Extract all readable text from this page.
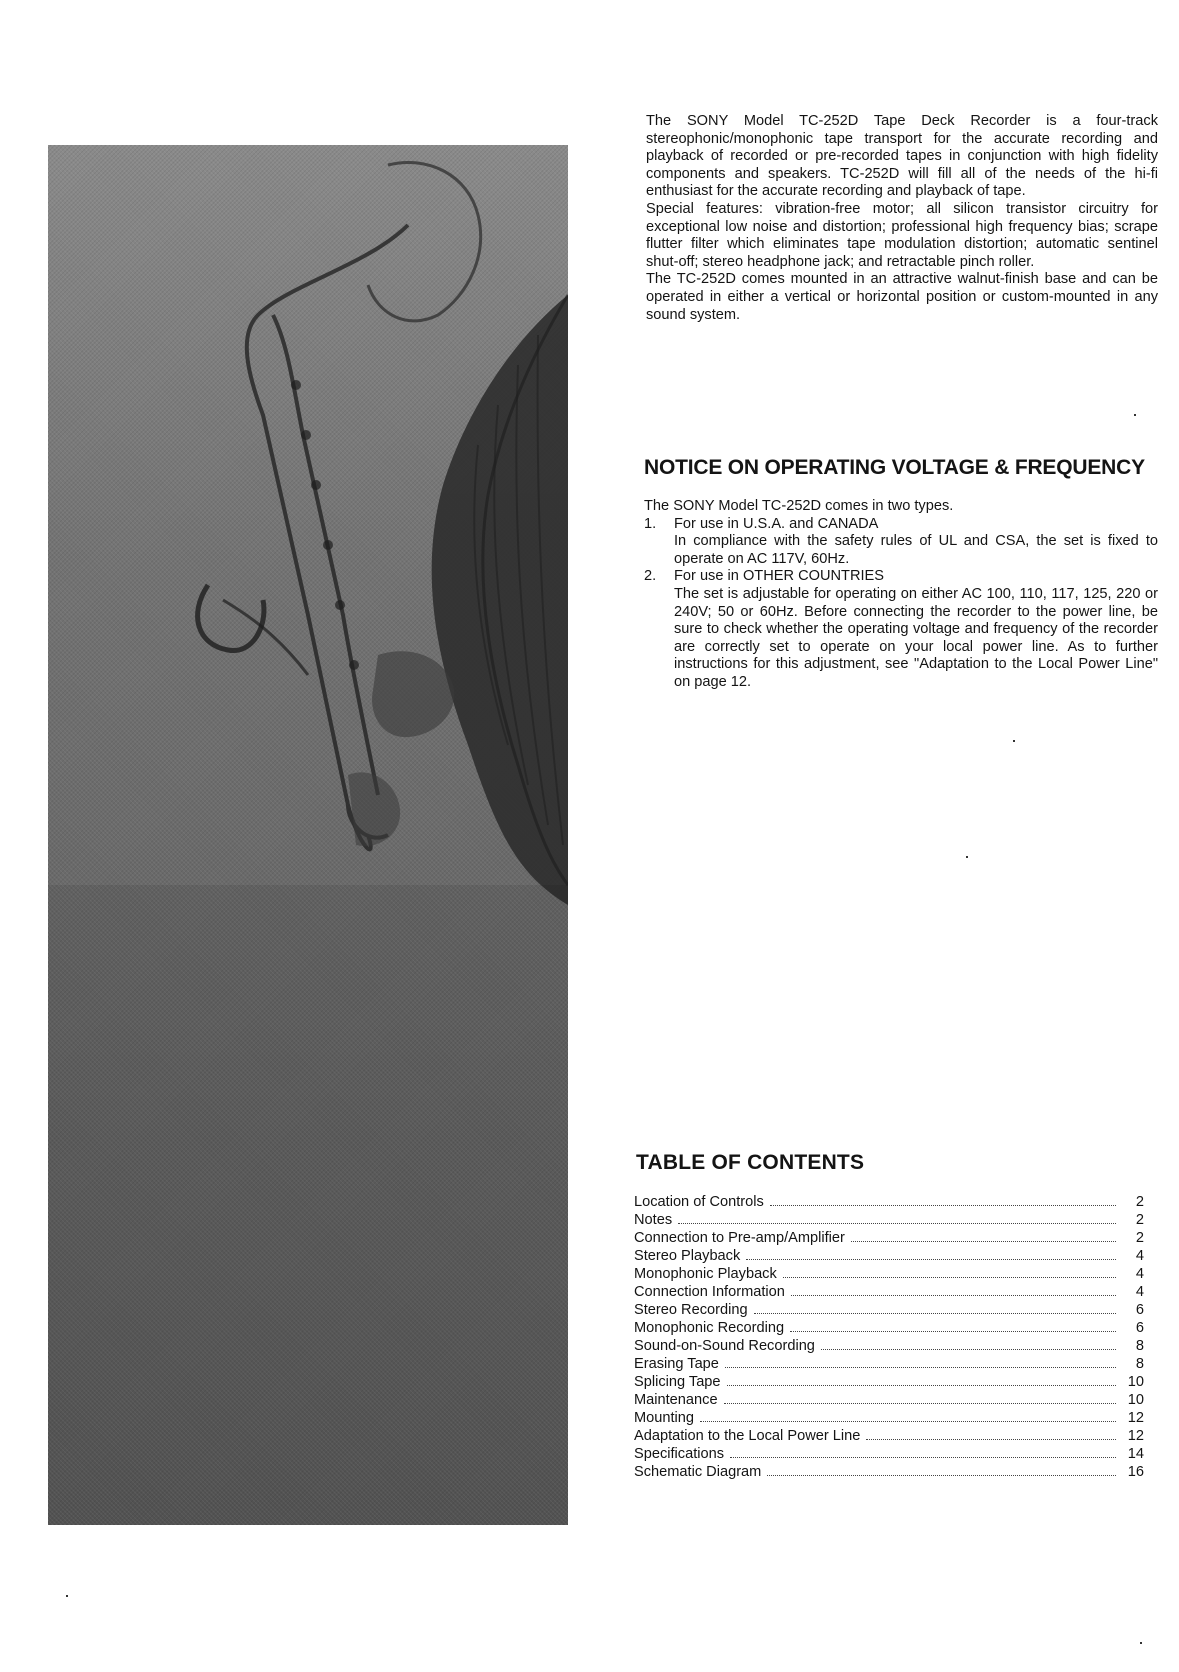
The SONY Model TC-252D Tape Deck Recorder is a four-track stereophonic/monophonic tape transport for the accurate recording and playback of recorded or pre-recorded tapes in conjunction with high fidelity components and speakers. TC-252D will fill all of the needs of the hi-fi enthusiast for the accurate recording and playback of tape.

Special features: vibration-free motor; all silicon transistor circuitry for exceptional low noise and distortion; professional high frequency bias; scrape flutter filter which eliminates tape modulation distortion; automatic sentinel shut-off; stereo headphone jack; and retractable pinch roller.

The TC-252D comes mounted in an attractive walnut-finish base and can be operated in either a vertical or horizontal position or custom-mounted in any sound system.

NOTICE ON OPERATING VOLTAGE & FREQUENCY

The SONY Model TC-252D comes in two types.

1. For use in U.S.A. and CANADA
In compliance with the safety rules of UL and CSA, the set is fixed to operate on AC 117V, 60Hz.
2. For use in OTHER COUNTRIES
The set is adjustable for operating on either AC 100, 110, 117, 125, 220 or 240V; 50 or 60Hz. Before connecting the recorder to the power line, be sure to check whether the operating voltage and frequency of the recorder are correctly set to operate on your local power line. As to further instructions for this adjustment, see "Adaptation to the Local Power Line" on page 12.
TABLE OF CONTENTS
Location of Controls	2
Notes	2
Connection to Pre-amp/Amplifier	2
Stereo Playback	4
Monophonic Playback	4
Connection Information	4
Stereo Recording	6
Monophonic Recording	6
Sound-on-Sound Recording	8
Erasing Tape	8
Splicing Tape	10
Maintenance	10
Mounting	12
Adaptation to the Local Power Line	12
Specifications	14
Schematic Diagram	16
